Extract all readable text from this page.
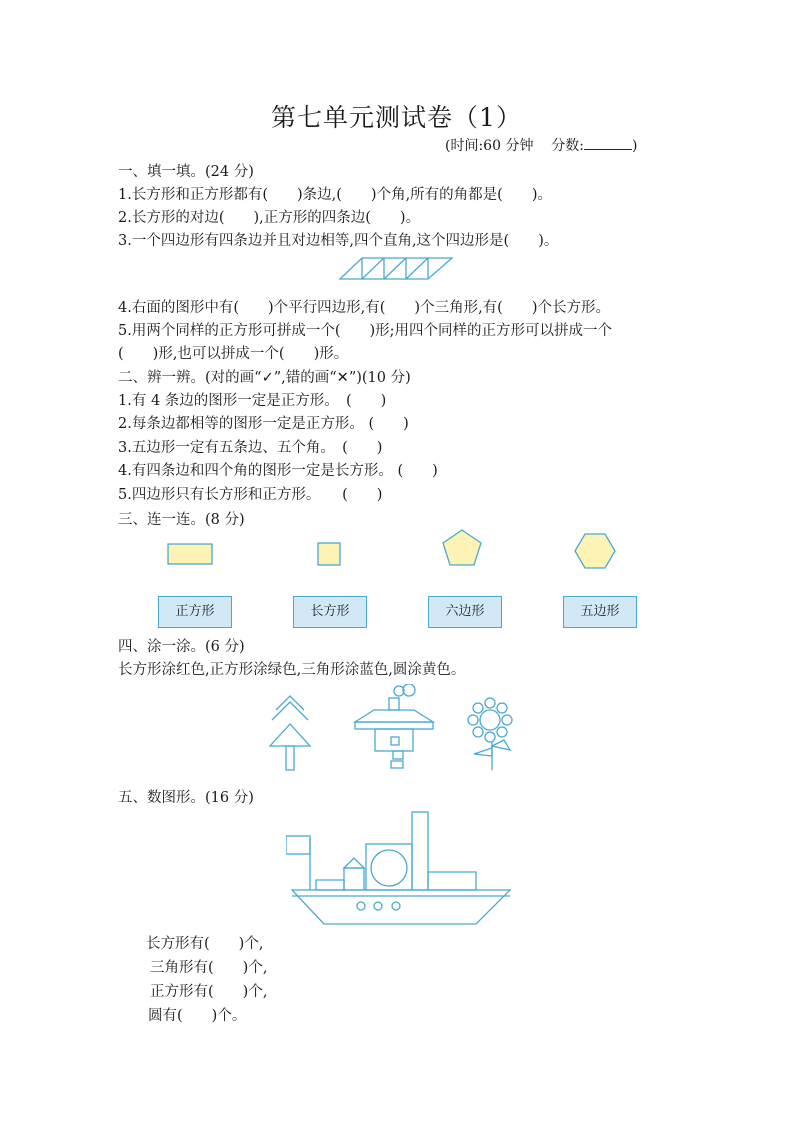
第七单元测试卷（1）
(时间:60 分钟 分数:	)
一、填一填。(24 分)
1.长方形和正方形都有(　　)条边,(　　)个角,所有的角都是(　　)。
2.长方形的对边(　　),正方形的四条边(　　)。
3.一个四边形有四条边并且对边相等,四个直角,这个四边形是(　　)。
4.右面的图形中有(　　)个平行四边形,有(　　)个三角形,有(　　)个长方形。
5.用两个同样的正方形可拼成一个(　　)形;用四个同样的正方形可以拼成一个
(　　)形,也可以拼成一个(　　)形。
二、辨一辨。(对的画“✓”,错的画“✕”)(10 分)
1.有 4 条边的图形一定是正方形。　(　　)
2.每条边都相等的图形一定是正方形。 (　　)
3.五边形一定有五条边、五个角。　(　　)
4.有四条边和四个角的图形一定是长方形。 (　　)
5.四边形只有长方形和正方形。　　(　　)
三、连一连。(8 分)
正方形	长方形	六边形	五边形
四、涂一涂。(6 分)
长方形涂红色,正方形涂绿色,三角形涂蓝色,圆涂黄色。
五、数图形。(16 分)
长方形有(　　)个,
三角形有(　　)个,
正方形有(　　)个,
圆有(　　)个。
